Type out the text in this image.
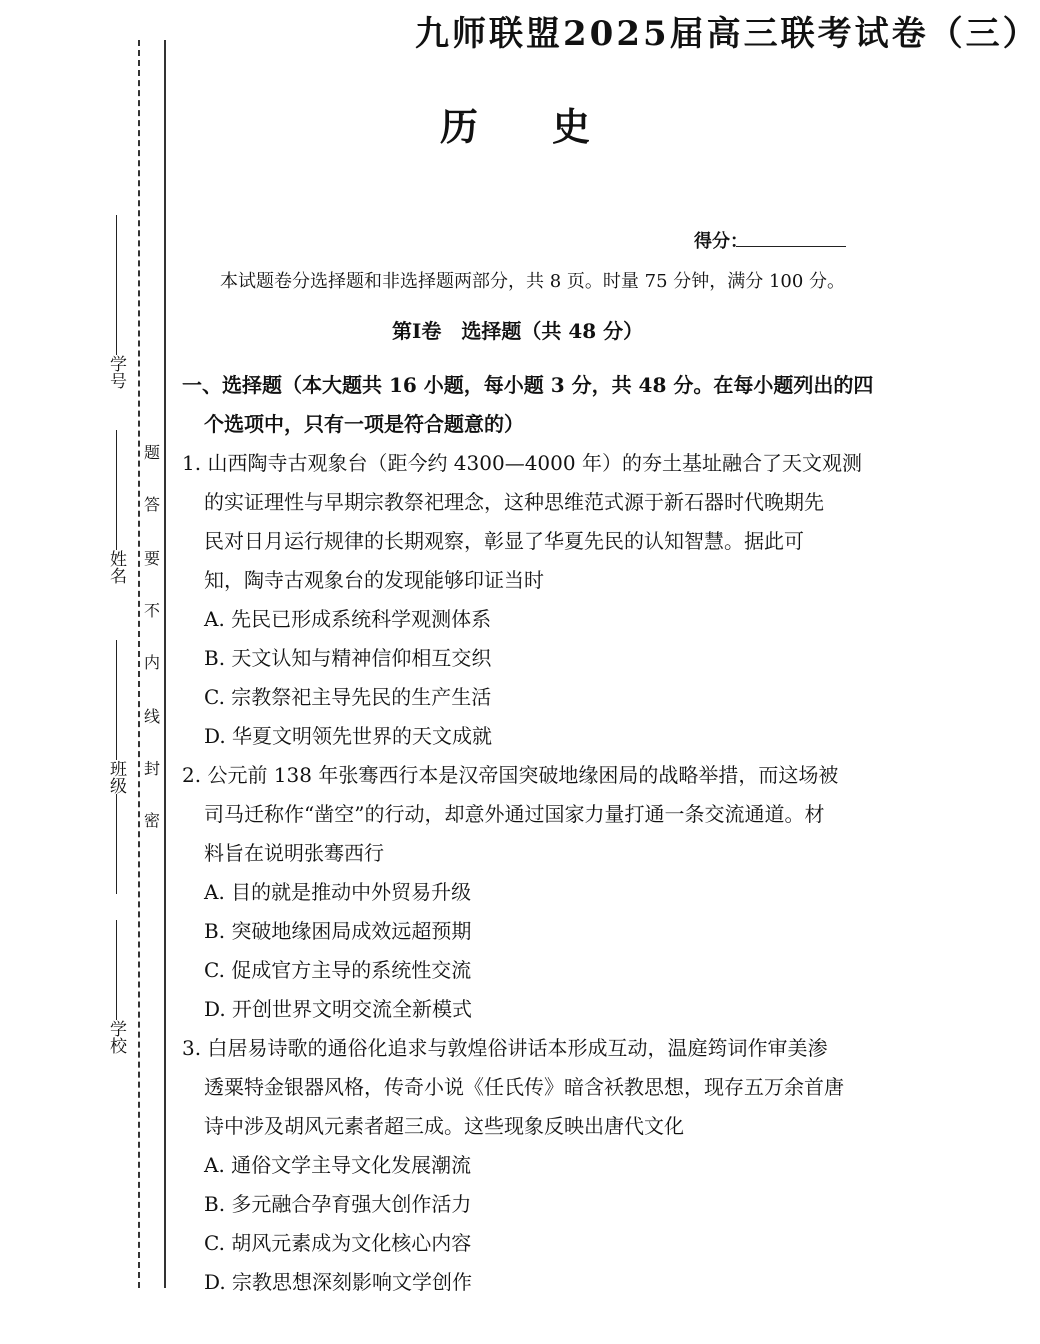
学号
姓名
班级
学校
题
答
要
不
内
线
封
密
九师联盟2025届高三联考试卷（三）
历 史
得分：
本试题卷分选择题和非选择题两部分，共 8 页。时量 75 分钟，满分 100 分。
第Ⅰ卷　选择题（共 48 分）
一、选择题（本大题共 16 小题，每小题 3 分，共 48 分。在每小题列出的四
个选项中，只有一项是符合题意的）
1. 山西陶寺古观象台（距今约 4300—4000 年）的夯土基址融合了天文观测
的实证理性与早期宗教祭祀理念，这种思维范式源于新石器时代晚期先
民对日月运行规律的长期观察，彰显了华夏先民的认知智慧。据此可
知，陶寺古观象台的发现能够印证当时
A. 先民已形成系统科学观测体系
B. 天文认知与精神信仰相互交织
C. 宗教祭祀主导先民的生产生活
D. 华夏文明领先世界的天文成就
2. 公元前 138 年张骞西行本是汉帝国突破地缘困局的战略举措，而这场被
司马迁称作“凿空”的行动，却意外通过国家力量打通一条交流通道。材
料旨在说明张骞西行
A. 目的就是推动中外贸易升级
B. 突破地缘困局成效远超预期
C. 促成官方主导的系统性交流
D. 开创世界文明交流全新模式
3. 白居易诗歌的通俗化追求与敦煌俗讲话本形成互动，温庭筠词作审美渗
透粟特金银器风格，传奇小说《任氏传》暗含袄教思想，现存五万余首唐
诗中涉及胡风元素者超三成。这些现象反映出唐代文化
A. 通俗文学主导文化发展潮流
B. 多元融合孕育强大创作活力
C. 胡风元素成为文化核心内容
D. 宗教思想深刻影响文学创作
